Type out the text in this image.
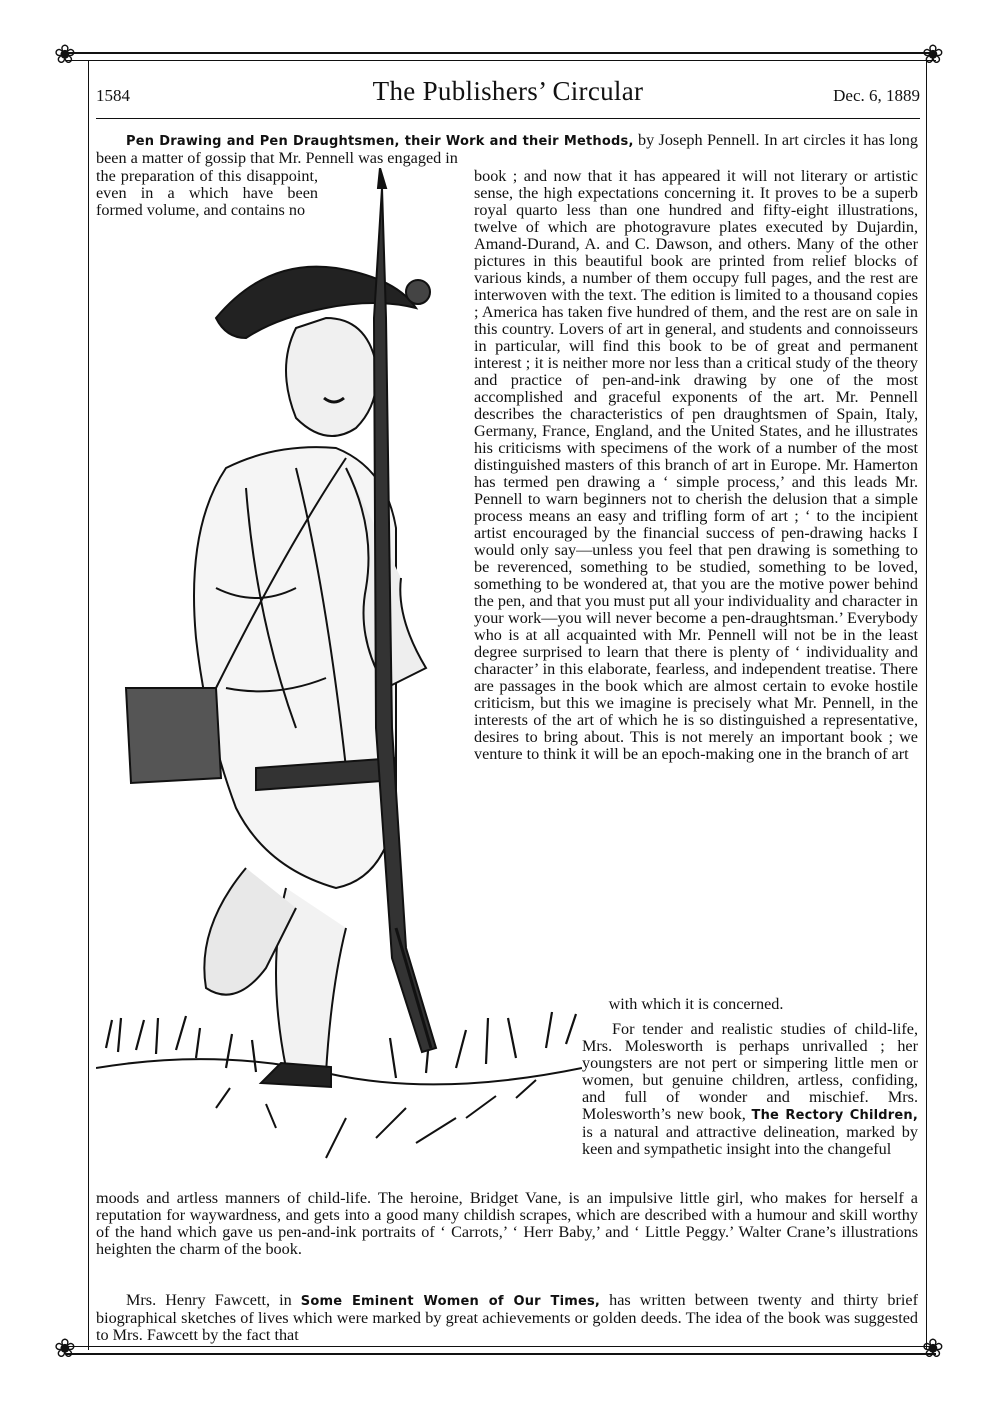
❀	❀
❀	❀
1584	The Publishers’ Circular	Dec. 6, 1889

Pen Drawing and Pen Draughtsmen, their Work and their Methods, by Joseph Pennell. In art circles it has long been a matter of gossip that Mr. Pennell was engaged in

the preparation of this disappoint, even in a which have been formed volume, and contains no

book ; and now that it has appeared it will not literary or artistic sense, the high expectations concerning it. It proves to be a superb royal quarto less than one hundred and fifty-eight illustrations, twelve of which are photogravure plates executed by Dujardin, Amand-Durand, A. and C. Dawson, and others. Many of the other pictures in this beautiful book are printed from relief blocks of various kinds, a number of them occupy full pages, and the rest are interwoven with the text. The edition is limited to a thousand copies ; America has taken five hundred of them, and the rest are on sale in this country. Lovers of art in general, and students and connoisseurs in particular, will find this book to be of great and permanent interest ; it is neither more nor less than a critical study of the theory and practice of pen-and-ink drawing by one of the most accomplished and graceful exponents of the art. Mr. Pennell describes the characteristics of pen draughtsmen of Spain, Italy, Germany, France, England, and the United States, and he illustrates his criticisms with specimens of the work of a number of the most distinguished masters of this branch of art in Europe. Mr. Hamerton has termed pen drawing a ‘ simple process,’ and this leads Mr. Pennell to warn beginners not to cherish the delusion that a simple process means an easy and trifling form of art ; ‘ to the incipient artist encouraged by the financial success of pen-drawing hacks I would only say—unless you feel that pen drawing is something to be reverenced, something to be studied, something to be loved, something to be wondered at, that you are the motive power behind the pen, and that you must put all your individuality and character in your work—you will never become a pen-draughtsman.’ Everybody who is at all acquainted with Mr. Pennell will not be in the least degree surprised to learn that there is plenty of ‘ individuality and character’ in this elaborate, fearless, and independent treatise. There are passages in the book which are almost certain to evoke hostile criticism, but this we imagine is precisely what Mr. Pennell, in the interests of the art of which he is so distinguished a representative, desires to bring about. This is not merely an important book ; we venture to think it will be an epoch-making one in the branch of art

with which it is concerned.

For tender and realistic studies of child-life, Mrs. Molesworth is perhaps unrivalled ; her youngsters are not pert or simpering little men or women, but genuine children, artless, confiding, and full of wonder and mischief. Mrs. Molesworth’s new book, The Rectory Children, is a natural and attractive delineation, marked by keen and sympathetic insight into the changeful

moods and artless manners of child-life. The heroine, Bridget Vane, is an impulsive little girl, who makes for herself a reputation for waywardness, and gets into a good many childish scrapes, which are described with a humour and skill worthy of the hand which gave us pen-and-ink portraits of ‘ Carrots,’ ‘ Herr Baby,’ and ‘ Little Peggy.’ Walter Crane’s illustrations heighten the charm of the book.

Mrs. Henry Fawcett, in Some Eminent Women of Our Times, has written between twenty and thirty brief biographical sketches of lives which were marked by great achievements or golden deeds. The idea of the book was suggested to Mrs. Fawcett by the fact that
